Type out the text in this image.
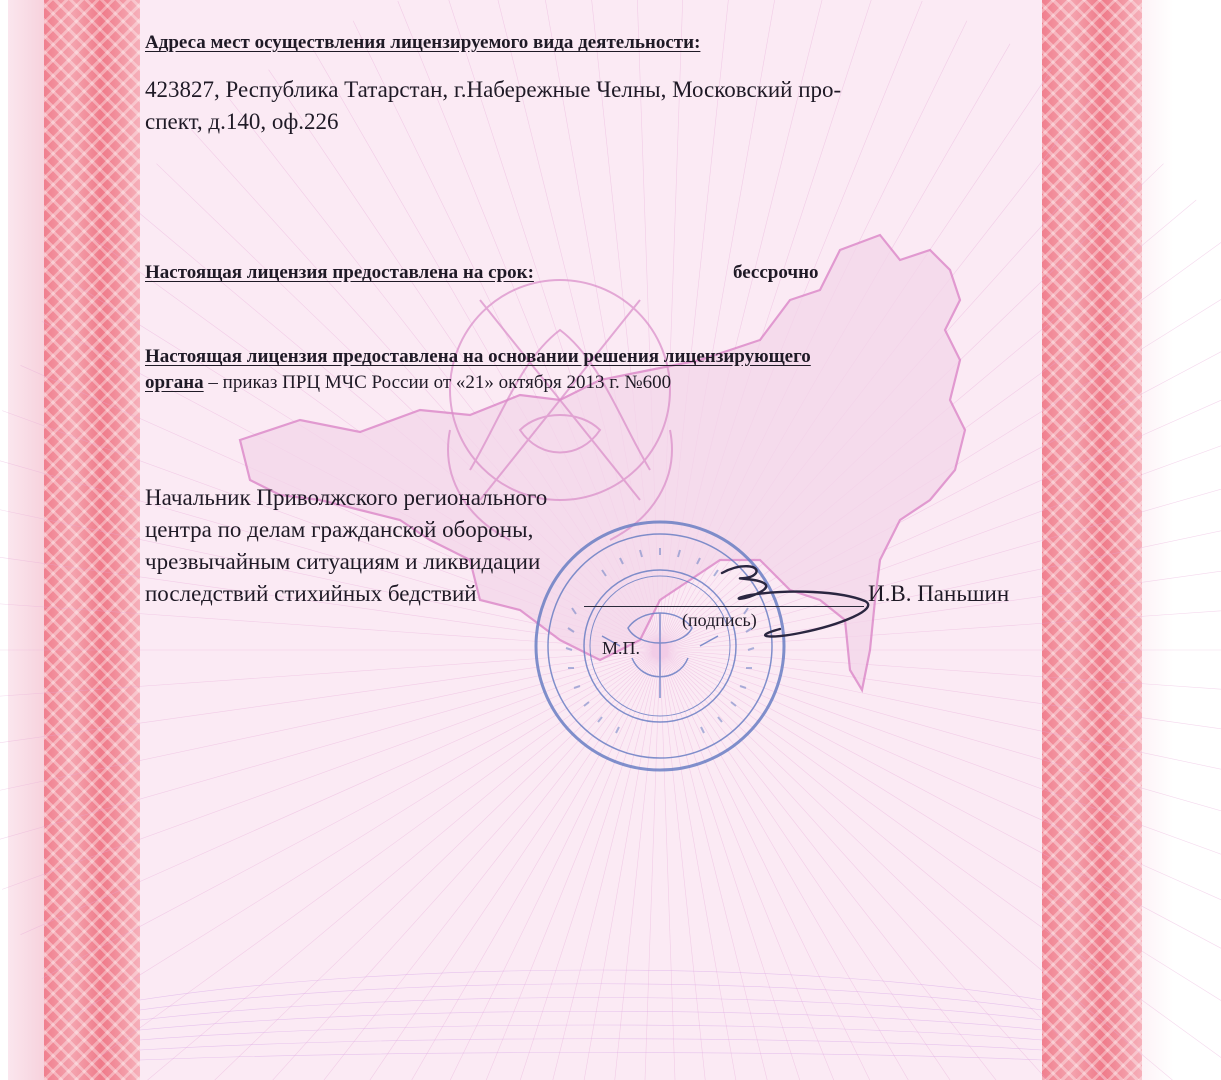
Адреса мест осуществления лицензируемого вида деятельности:
423827, Республика Татарстан, г.Набережные Челны, Московский про-
спект, д.140, оф.226
Настоящая лицензия предоставлена на срок:	бессрочно
Настоящая лицензия предоставлена на основании решения лицензирующего
органа – приказ ПРЦ МЧС России от «21» октября 2013 г. №600
Начальник Приволжского регионального
центра по делам гражданской обороны,
чрезвычайным ситуациям и ликвидации
последствий стихийных бедствий
(подпись)
М.П.
И.В. Паньшин
